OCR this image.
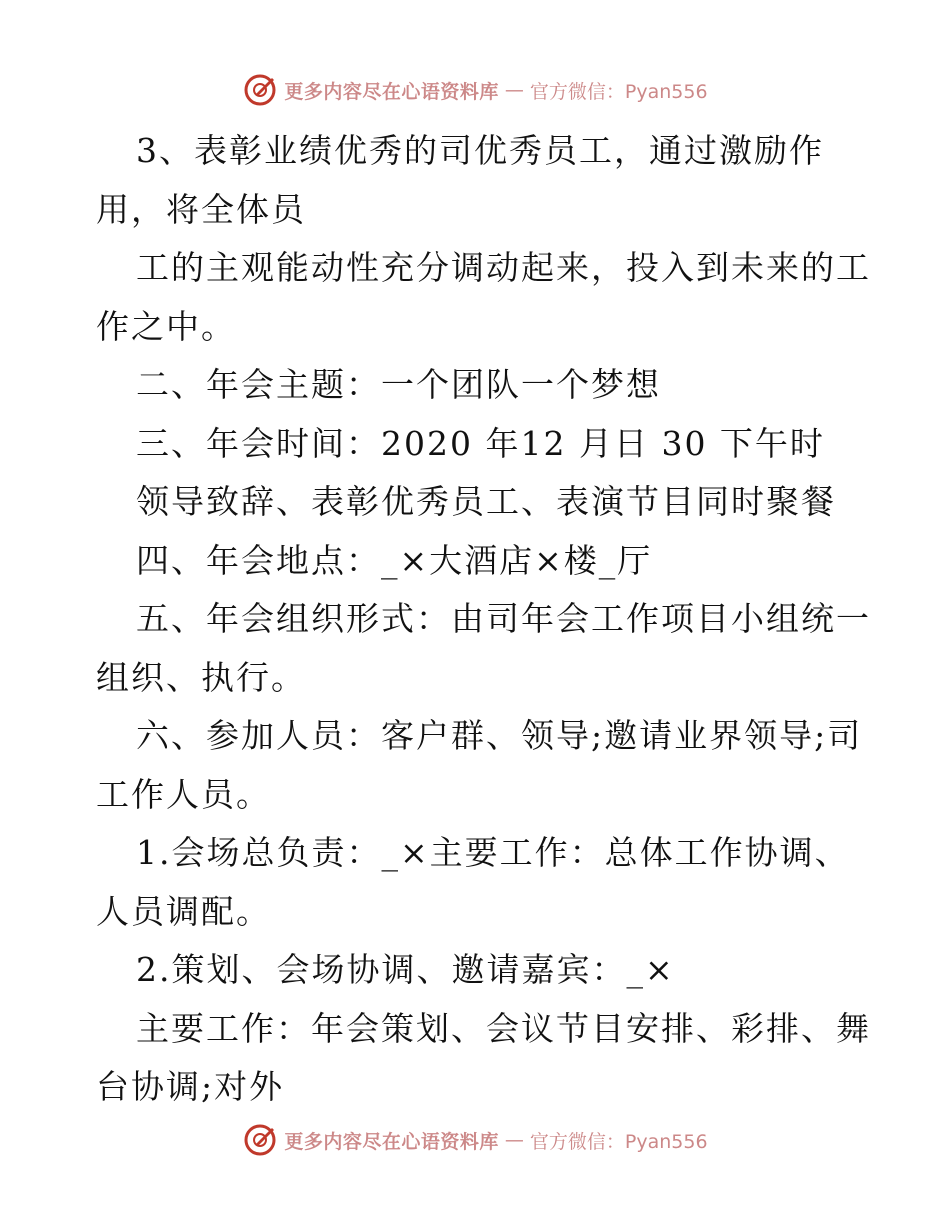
更多内容尽在心语资料库 — 官方微信：Pyan556
3、表彰业绩优秀的司优秀员工，通过激励作
用，将全体员
工的主观能动性充分调动起来，投入到未来的工
作之中。
二、年会主题：一个团队一个梦想
三、年会时间：2020 年12 月日 30 下午时
领导致辞、表彰优秀员工、表演节目同时聚餐
四、年会地点：_×大酒店×楼_厅
五、年会组织形式：由司年会工作项目小组统一
组织、执行。
六、参加人员：客户群、领导;邀请业界领导;司
工作人员。
1.会场总负责：_×主要工作：总体工作协调、
人员调配。
2.策划、会场协调、邀请嘉宾：_×
主要工作：年会策划、会议节目安排、彩排、舞
台协调;对外
更多内容尽在心语资料库 — 官方微信：Pyan556
